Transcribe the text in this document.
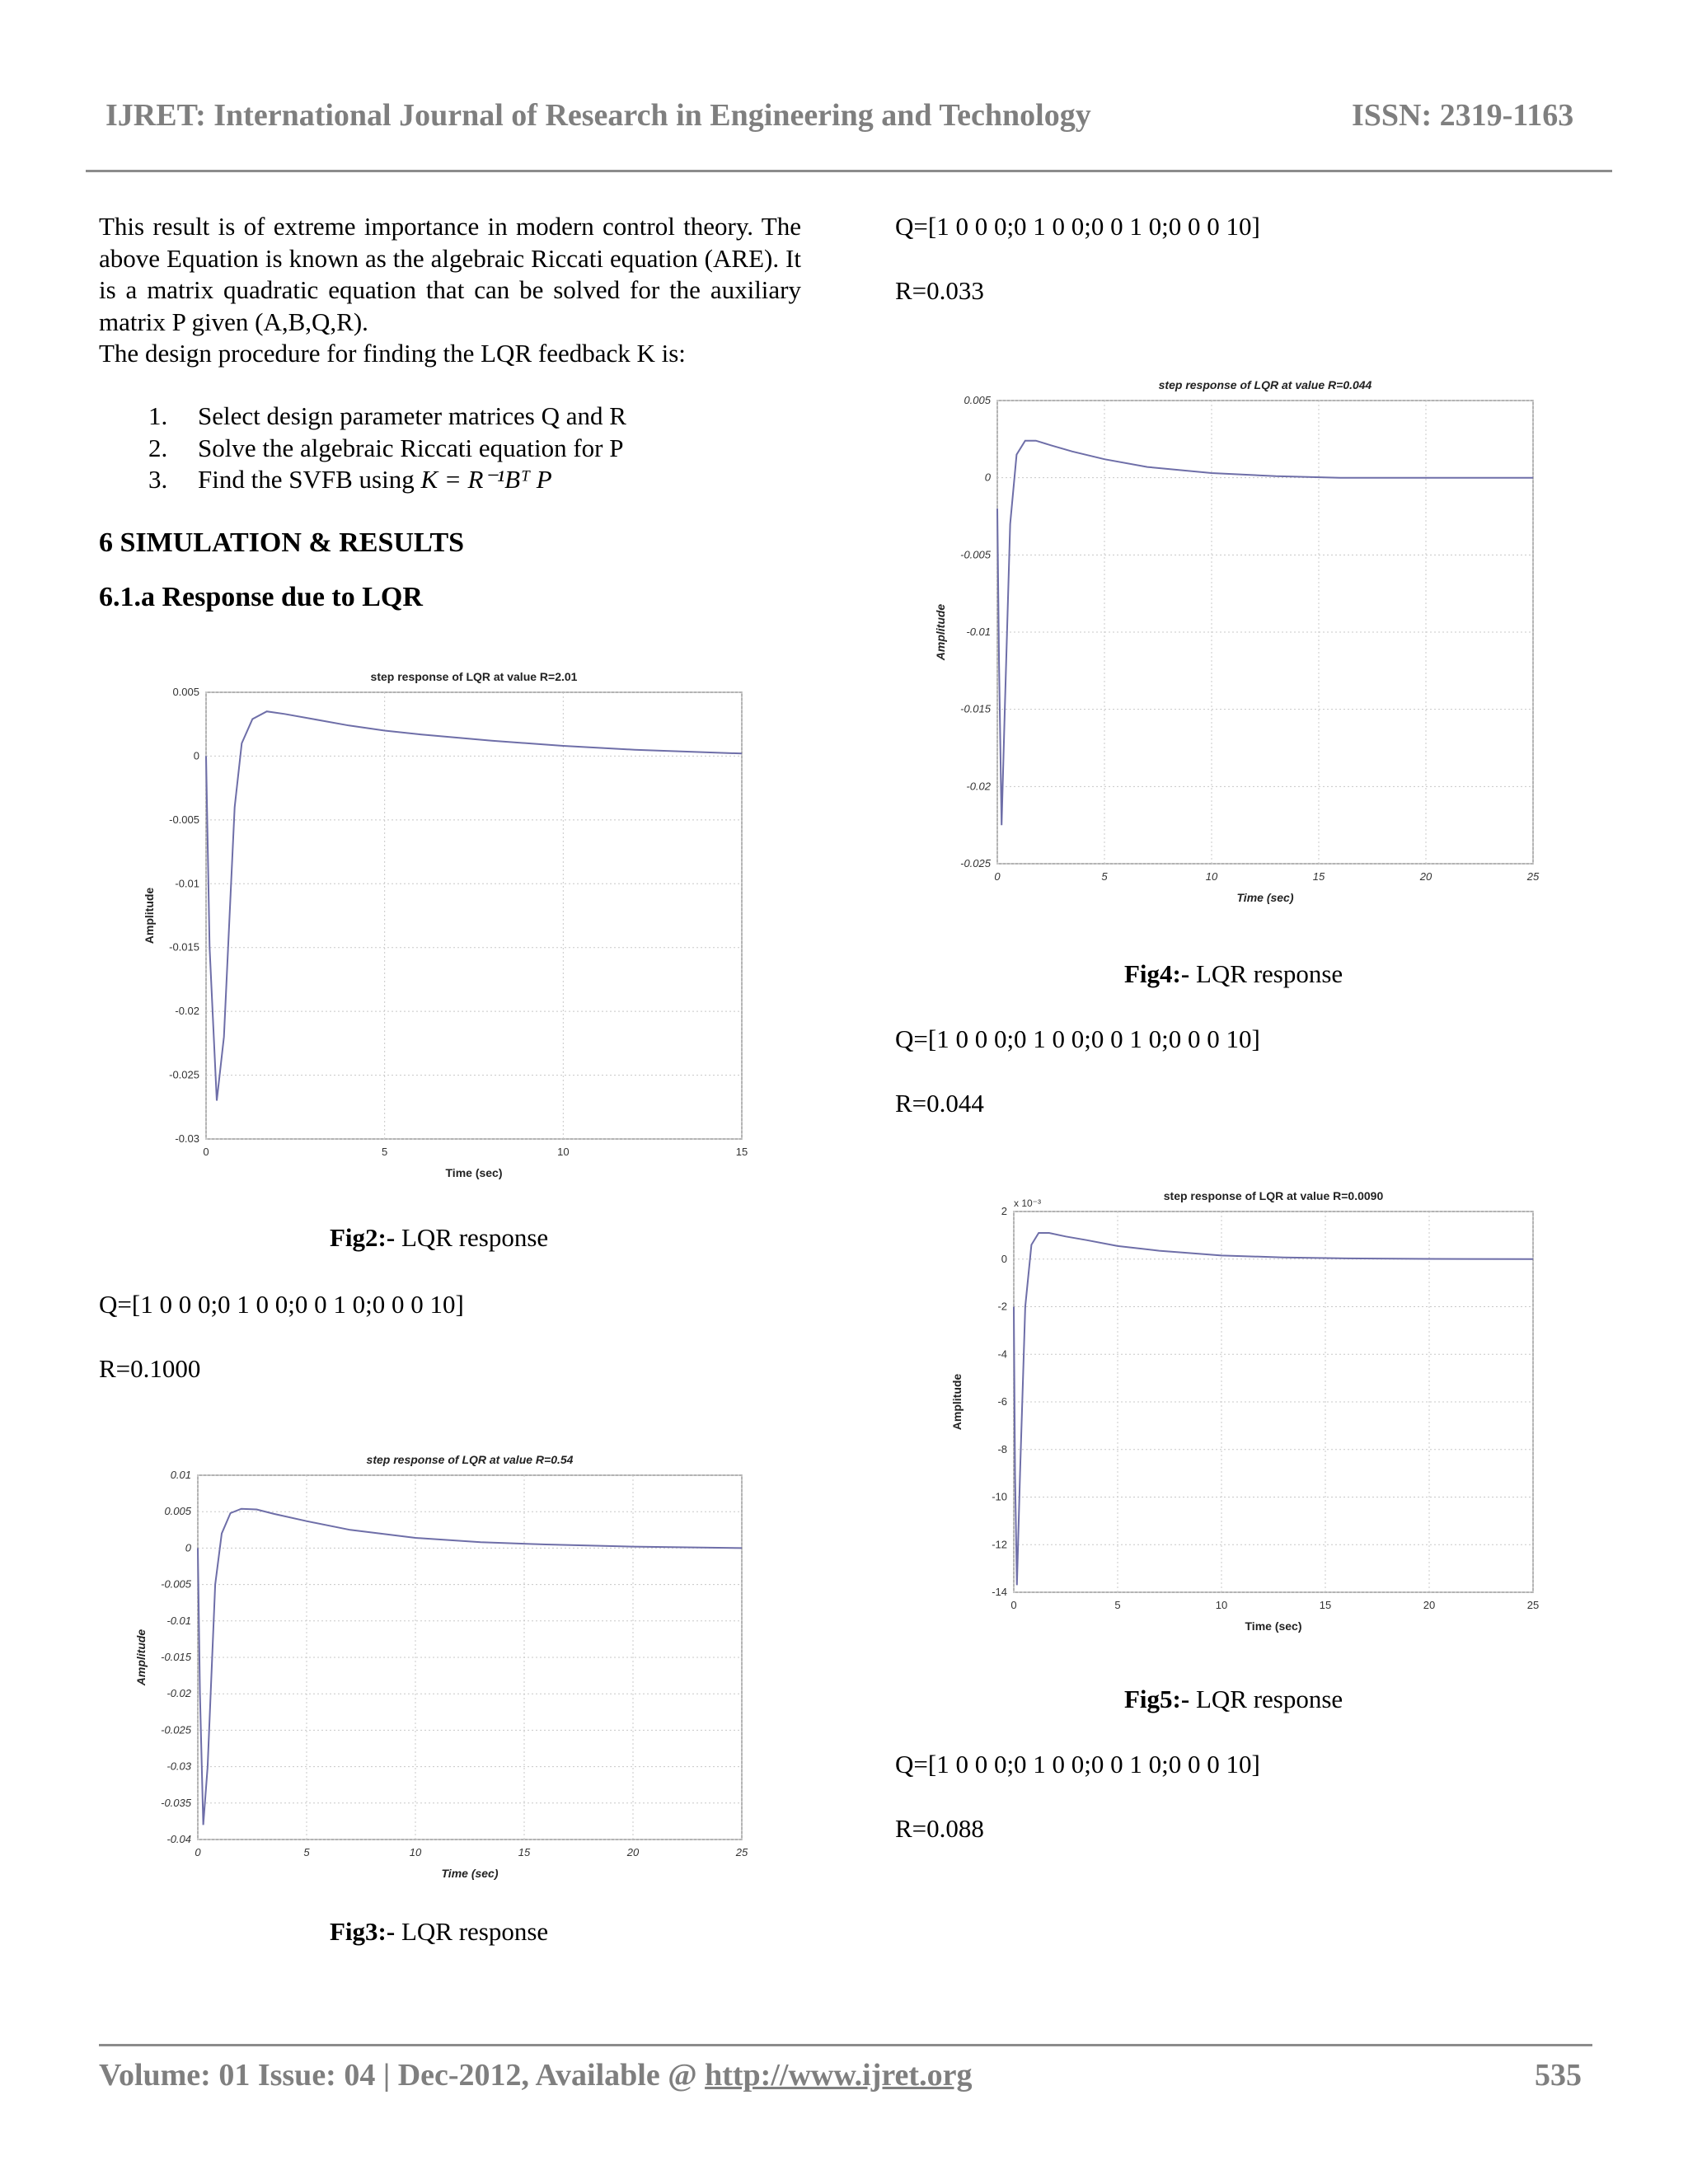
IJRET: International Journal of Research in Engineering and Technology	ISSN: 2319-1163

This result is of extreme importance in modern control theory. The above Equation is known as the algebraic Riccati equation (ARE). It is a matrix quadratic equation that can be solved for the auxiliary matrix P given (A,B,Q,R).

The design procedure for finding the LQR feedback K is:

1.	Select design parameter matrices Q and R
2.	Solve the algebraic Riccati equation for P
3.	Find the SVFB using
K = R⁻¹Bᵀ P
6 SIMULATION & RESULTS
6.1.a Response due to LQR
0	5	10	15
0.005
0
-0.005
-0.01
-0.015
-0.02
-0.025
-0.03
step response of LQR at value R=2.01
Time (sec)
Amplitude
Fig2:- LQR response
Q=[1 0 0 0;0 1 0 0;0 0 1 0;0 0 0 10]
R=0.1000
0	5	10	15	20	25
0.01
0.005
0
-0.005
-0.01
-0.015
-0.02
-0.025
-0.03
-0.035
-0.04
step response of LQR at value R=0.54
Time (sec)
Amplitude
Fig3:- LQR response
Q=[1 0 0 0;0 1 0 0;0 0 1 0;0 0 0 10]
R=0.033
0	5	10	15	20	25
0.005
0
-0.005
-0.01
-0.015
-0.02
-0.025
step response of LQR at value R=0.044
Time (sec)
Amplitude
Fig4:- LQR response
Q=[1 0 0 0;0 1 0 0;0 0 1 0;0 0 0 10]
R=0.044
0	5	10	15	20	25
2
0
-2
-4
-6
-8
-10
-12
-14
step response of LQR at value R=0.0090
Time (sec)
Amplitude
x 10⁻³
Fig5:- LQR response
Q=[1 0 0 0;0 1 0 0;0 0 1 0;0 0 0 10]
R=0.088
Volume: 01 Issue: 04 | Dec-2012, Available @ http://www.ijret.org	535
